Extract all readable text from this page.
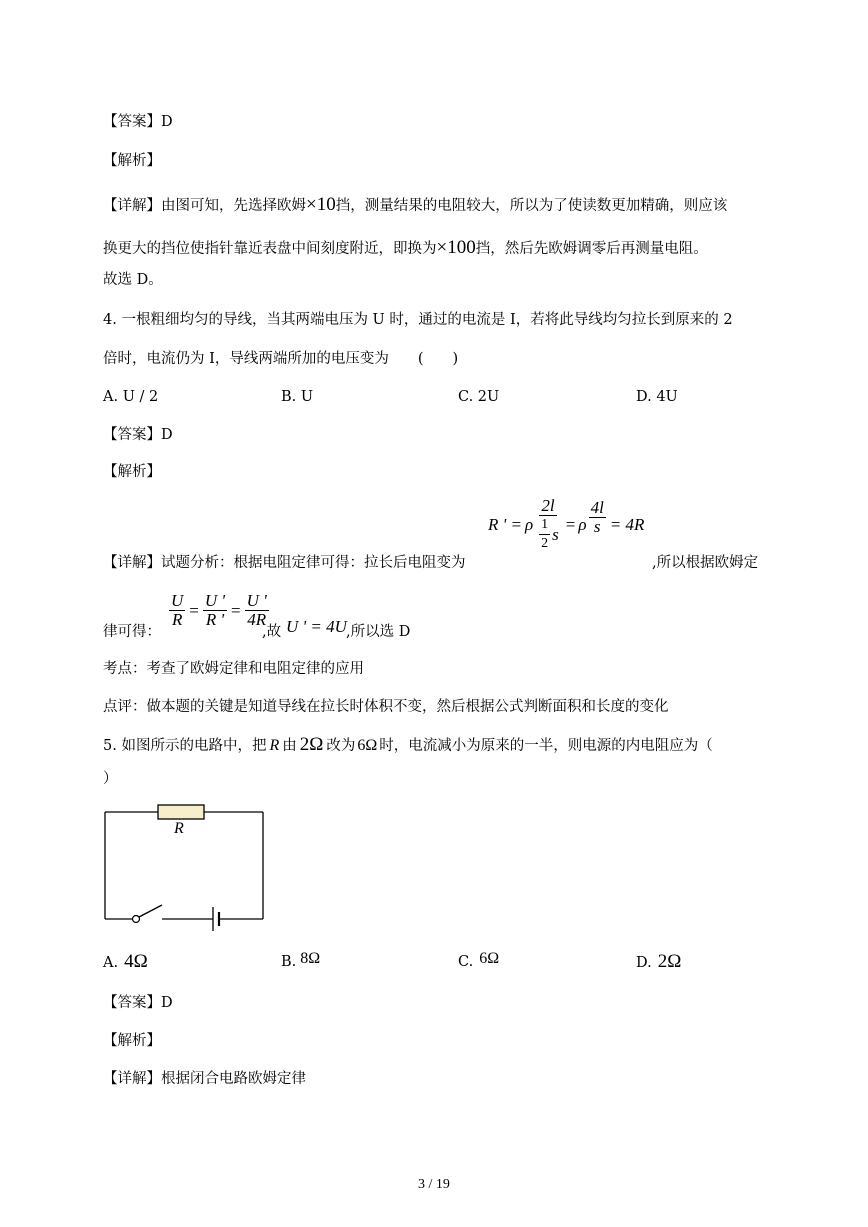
【答案】D
【解析】
【详解】由图可知，先选择欧姆×10挡，测量结果的电阻较大，所以为了使读数更加精确，则应该
换更大的挡位使指针靠近表盘中间刻度附近，即换为×100挡，然后先欧姆调零后再测量电阻。
故选 D。
4. 一根粗细均匀的导线，当其两端电压为 U 时，通过的电流是 I，若将此导线均匀拉长到原来的 2
倍时，电流仍为 I，导线两端所加的电压变为　　(　　)
A. U / 2	B. U	C. 2U	D. 4U
【答案】D
【解析】
R ' = ρ $\frac{2l}{\frac{1}{2} s} = \rho \frac{4l}{s} = 4R$
【详解】试题分析：根据电阻定律可得：拉长后电阻变为	,所以根据欧姆定
律可得：
$\frac{U}{R} = \frac{U '}{R '} = \frac{U '}{4R}$
,故 U ' = 4U ,所以选 D
考点：考查了欧姆定律和电阻定律的应用
点评：做本题的关键是知道导线在拉长时体积不变，然后根据公式判断面积和长度的变化
5. 如图所示的电路中，把 R 由 2Ω 改为 6Ω 时，电流减小为原来的一半，则电源的内电阻应为（
）
R
A. 4Ω	B. 8Ω	C. 6Ω	D. 2Ω
【答案】D
【解析】
【详解】根据闭合电路欧姆定律
3 / 19
